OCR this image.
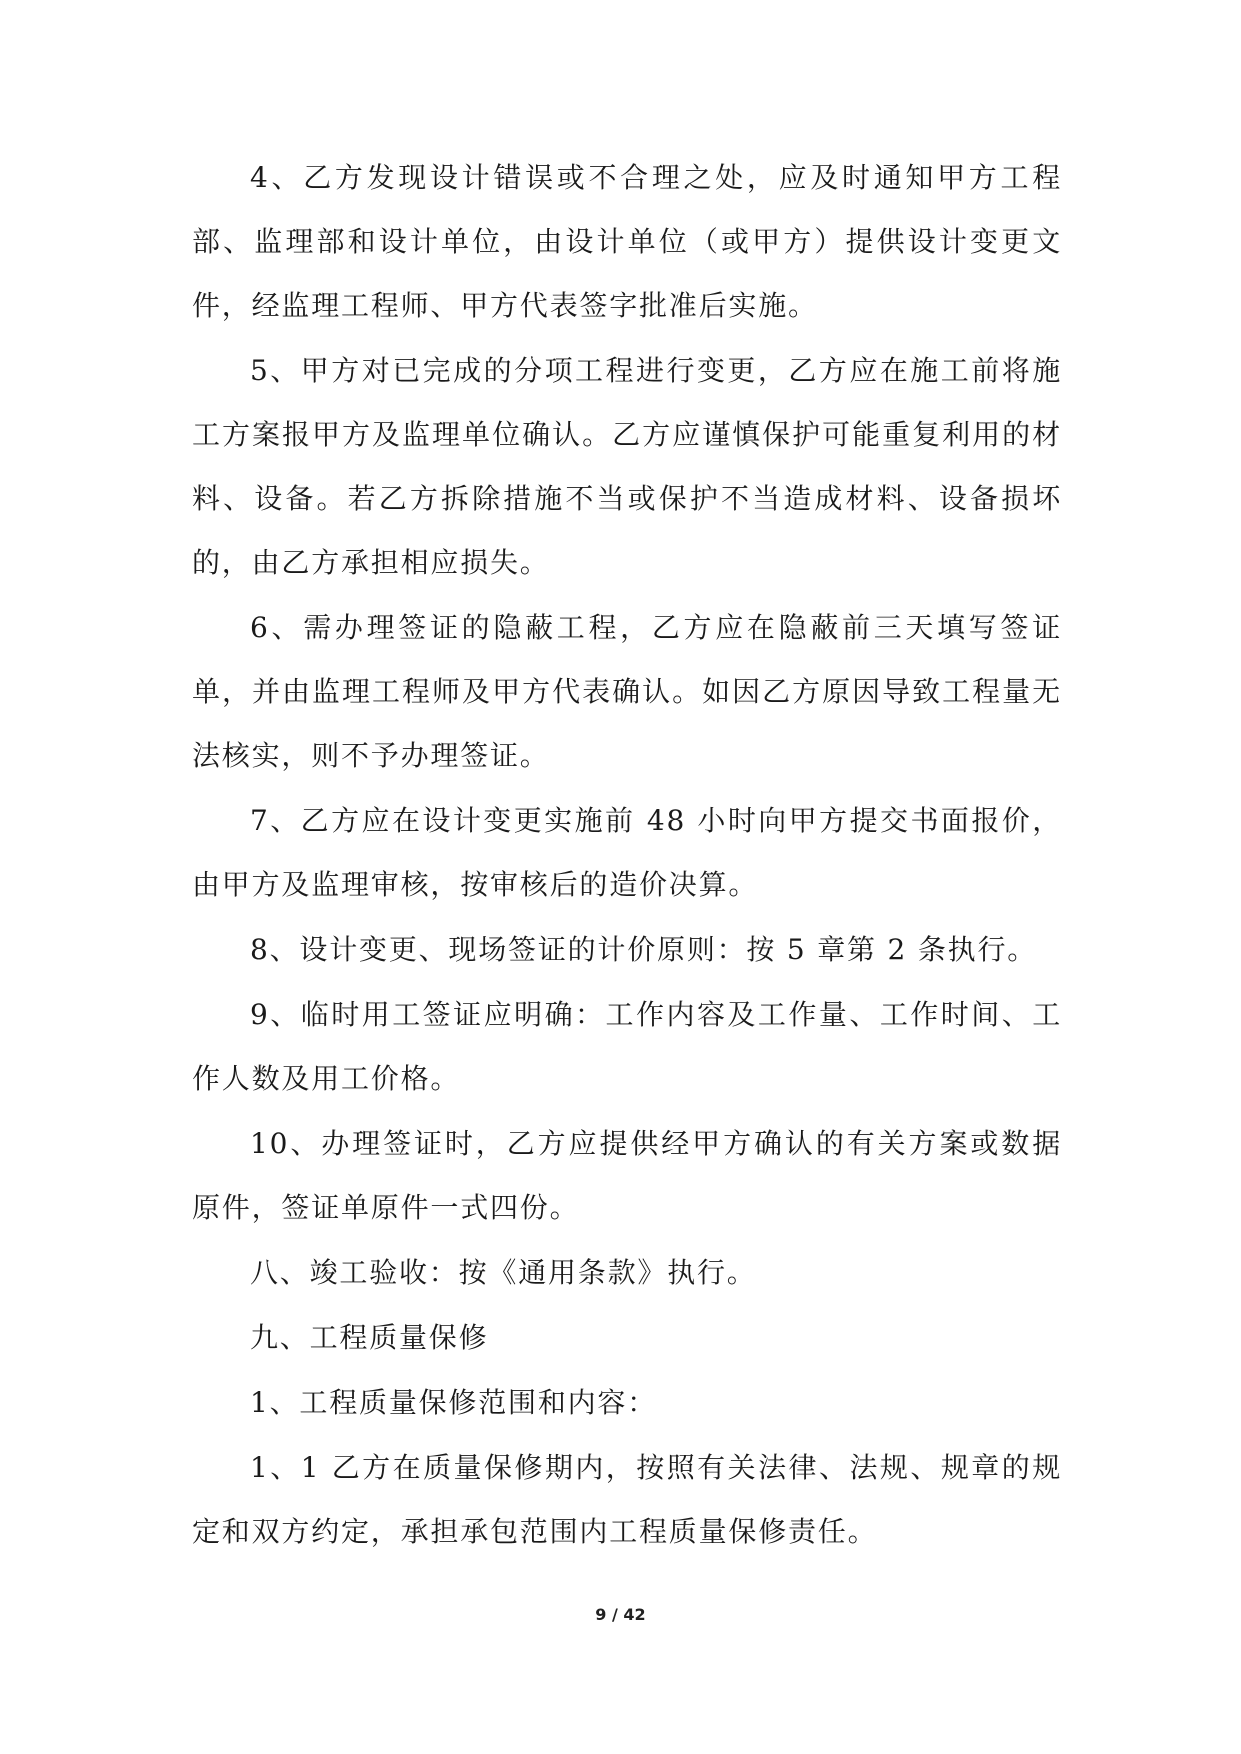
4、乙方发现设计错误或不合理之处，应及时通知甲方工程部、监理部和设计单位，由设计单位（或甲方）提供设计变更文件，经监理工程师、甲方代表签字批准后实施。

5、甲方对已完成的分项工程进行变更，乙方应在施工前将施工方案报甲方及监理单位确认。乙方应谨慎保护可能重复利用的材料、设备。若乙方拆除措施不当或保护不当造成材料、设备损坏的，由乙方承担相应损失。

6、需办理签证的隐蔽工程，乙方应在隐蔽前三天填写签证单，并由监理工程师及甲方代表确认。如因乙方原因导致工程量无法核实，则不予办理签证。

7、乙方应在设计变更实施前 48 小时向甲方提交书面报价，由甲方及监理审核，按审核后的造价决算。

8、设计变更、现场签证的计价原则：按 5 章第 2 条执行。

9、临时用工签证应明确：工作内容及工作量、工作时间、工作人数及用工价格。

10、办理签证时，乙方应提供经甲方确认的有关方案或数据原件，签证单原件一式四份。

八、竣工验收：按《通用条款》执行。

九、工程质量保修

1、工程质量保修范围和内容：

1、1 乙方在质量保修期内，按照有关法律、法规、规章的规定和双方约定，承担承包范围内工程质量保修责任。

9 / 42
